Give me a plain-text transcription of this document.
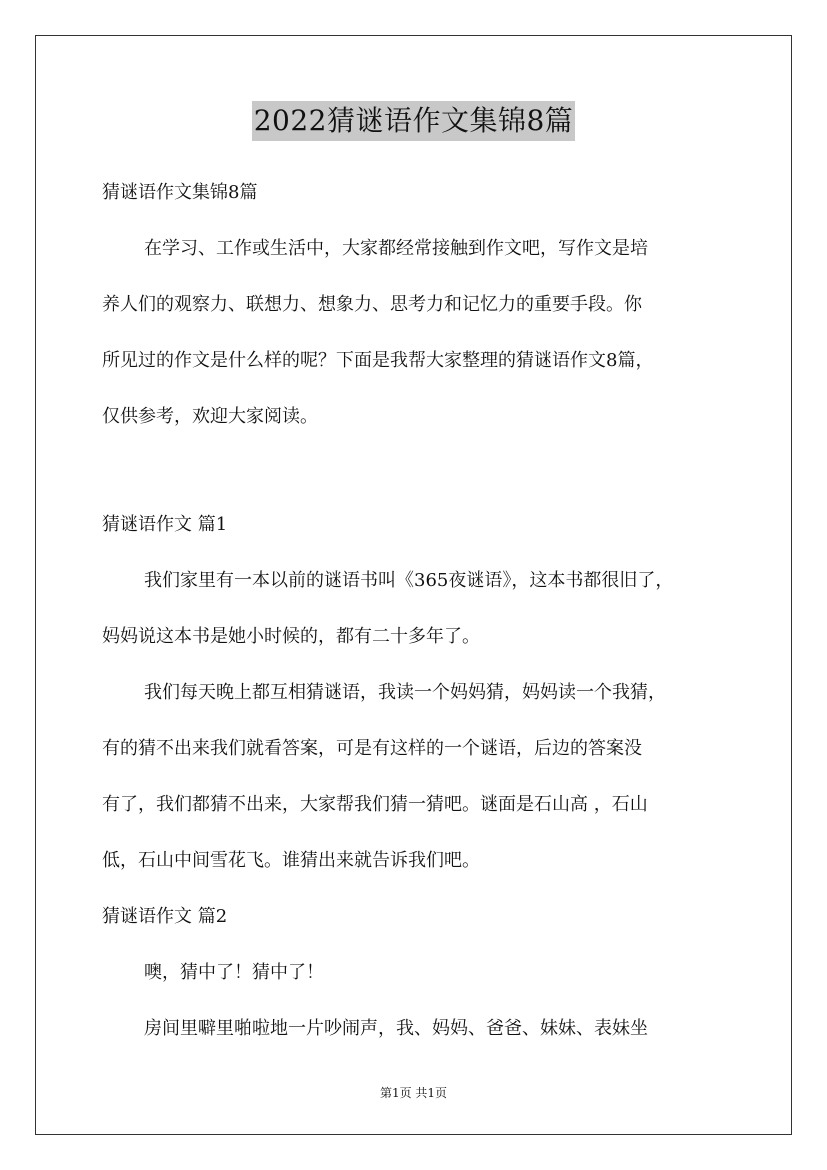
2022猜谜语作文集锦8篇

猜谜语作文集锦8篇

在学习、工作或生活中，大家都经常接触到作文吧，写作文是培
养人们的观察力、联想力、想象力、思考力和记忆力的重要手段。你
所见过的作文是什么样的呢？下面是我帮大家整理的猜谜语作文8篇，
仅供参考，欢迎大家阅读。

猜谜语作文 篇1

我们家里有一本以前的谜语书叫《365夜谜语》，这本书都很旧了，
妈妈说这本书是她小时候的，都有二十多年了。

我们每天晚上都互相猜谜语，我读一个妈妈猜，妈妈读一个我猜，
有的猜不出来我们就看答案，可是有这样的一个谜语，后边的答案没
有了，我们都猜不出来，大家帮我们猜一猜吧。谜面是石山高 ，石山
低，石山中间雪花飞。谁猜出来就告诉我们吧。

猜谜语作文 篇2

噢，猜中了！猜中了！

房间里噼里啪啦地一片吵闹声，我、妈妈、爸爸、妹妹、表妹坐

第1页 共1页
